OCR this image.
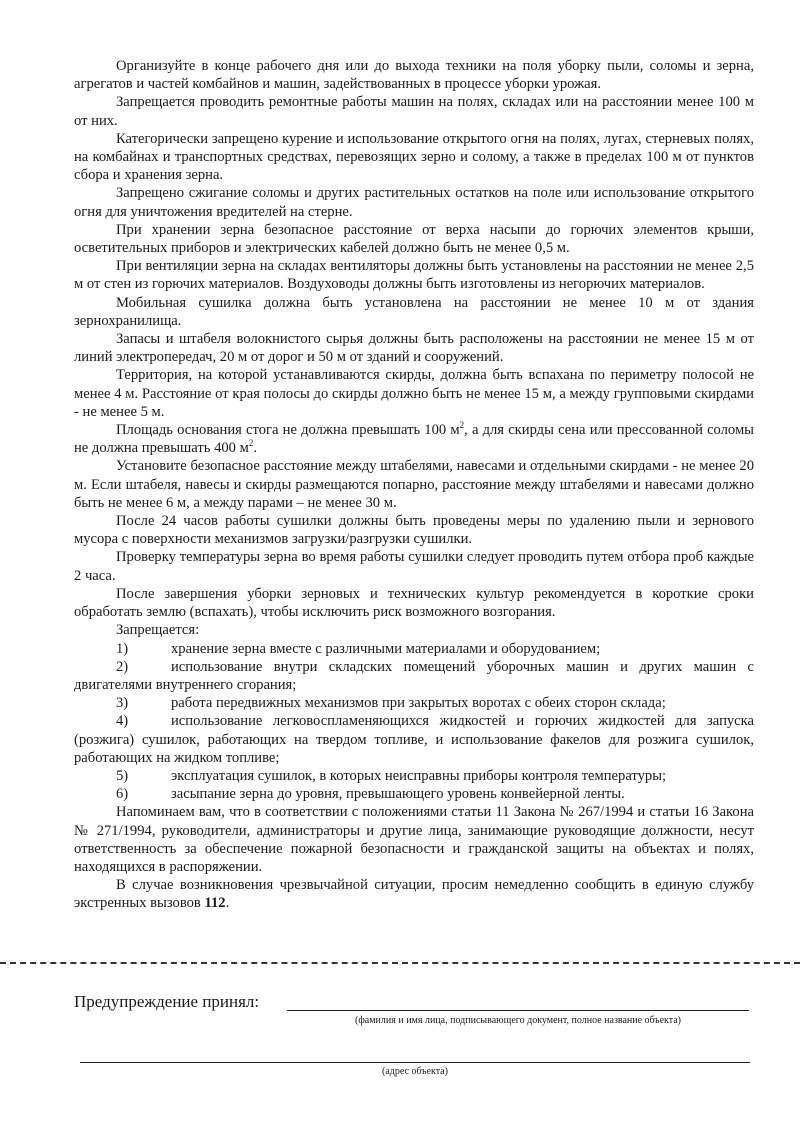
Организуйте в конце рабочего дня или до выхода техники на поля уборку пыли, соломы и зерна, агрегатов и частей комбайнов и машин, задействованных в процессе уборки урожая.

Запрещается проводить ремонтные работы машин на полях, складах или на расстоянии менее 100 м от них.

Категорически запрещено курение и использование открытого огня на полях, лугах, стерневых полях, на комбайнах и транспортных средствах, перевозящих зерно и солому, а также в пределах 100 м от пунктов сбора и хранения зерна.

Запрещено сжигание соломы и других растительных остатков на поле или использование открытого огня для уничтожения вредителей на стерне.

При хранении зерна безопасное расстояние от верха насыпи до горючих элементов крыши, осветительных приборов и электрических кабелей должно быть не менее 0,5 м.

При вентиляции зерна на складах вентиляторы должны быть установлены на расстоянии не менее 2,5 м от стен из горючих материалов. Воздуховоды должны быть изготовлены из негорючих материалов.

Мобильная сушилка должна быть установлена на расстоянии не менее 10 м от здания зернохранилища.

Запасы и штабеля волокнистого сырья должны быть расположены на расстоянии не менее 15 м от линий электропередач, 20 м от дорог и 50 м от зданий и сооружений.

Территория, на которой устанавливаются скирды, должна быть вспахана по периметру полосой не менее 4 м. Расстояние от края полосы до скирды должно быть не менее 15 м, а между групповыми скирдами - не менее 5 м.

Площадь основания стога не должна превышать 100 $м^2$, а для скирды сена или прессованной соломы не должна превышать 400 $м^2$.

Установите безопасное расстояние между штабелями, навесами и отдельными скирдами - не менее 20 м. Если штабеля, навесы и скирды размещаются попарно, расстояние между штабелями и навесами должно быть не менее 6 м, а между парами – не менее 30 м.

После 24 часов работы сушилки должны быть проведены меры по удалению пыли и зернового мусора с поверхности механизмов загрузки/разгрузки сушилки.

Проверку температуры зерна во время работы сушилки следует проводить путем отбора проб каждые 2 часа.

После завершения уборки зерновых и технических культур рекомендуется в короткие сроки обработать землю (вспахать), чтобы исключить риск возможного возгорания.

Запрещается:

1)	хранение зерна вместе с различными материалами и оборудованием;
2)	использование внутри складских помещений уборочных машин и других машин с двигателями внутреннего сгорания;
3)	работа передвижных механизмов при закрытых воротах с обеих сторон склада;
4)	использование легковоспламеняющихся жидкостей и горючих жидкостей для запуска (розжига) сушилок, работающих на твердом топливе, и использование факелов для розжига сушилок, работающих на жидком топливе;
5)	эксплуатация сушилок, в которых неисправны приборы контроля температуры;
6)	засыпание зерна до уровня, превышающего уровень конвейерной ленты.

Напоминаем вам, что в соответствии с положениями статьи 11 Закона № 267/1994 и статьи 16 Закона № 271/1994, руководители, администраторы и другие лица, занимающие руководящие должности, несут ответственность за обеспечение пожарной безопасности и гражданской защиты на объектах и полях, находящихся в распоряжении.

В случае возникновения чрезвычайной ситуации, просим немедленно сообщить в единую службу экстренных вызовов 112.

Предупреждение принял:
(фамилия и имя лица, подписывающего документ, полное название объекта)
(адрес объекта)
